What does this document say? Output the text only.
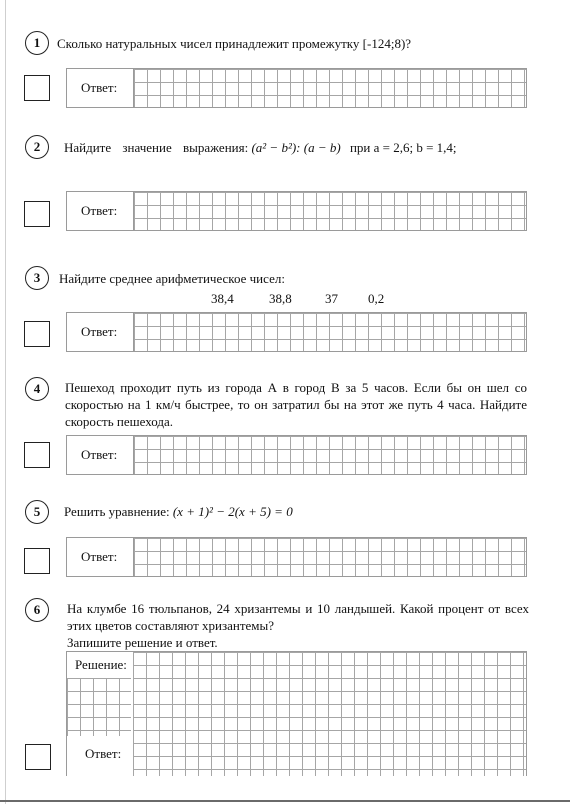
1 Сколько натуральных чисел принадлежит промежутку [-124;8)?
Ответ:
2 Найдите значение выражения: (a² − b²): (a − b) при a = 2,6; b = 1,4;
Ответ:
3 Найдите среднее арифметическое чисел:
38,4	38,8	37 0,2
Ответ:
4 Пешеход проходит путь из города А в город В за 5 часов. Если бы он шел со скоростью на 1 км/ч быстрее, то он затратил бы на этот же путь 4 часа. Найдите скорость пешехода.
Ответ:
5 Решить уравнение: (x + 1)² − 2(x + 5) = 0
Ответ:
6 На клумбе 16 тюльпанов, 24 хризантемы и 10 ландышей. Какой процент от всех этих цветов составляют хризантемы?
Запишите решение и ответ.
Решение:
Ответ:
